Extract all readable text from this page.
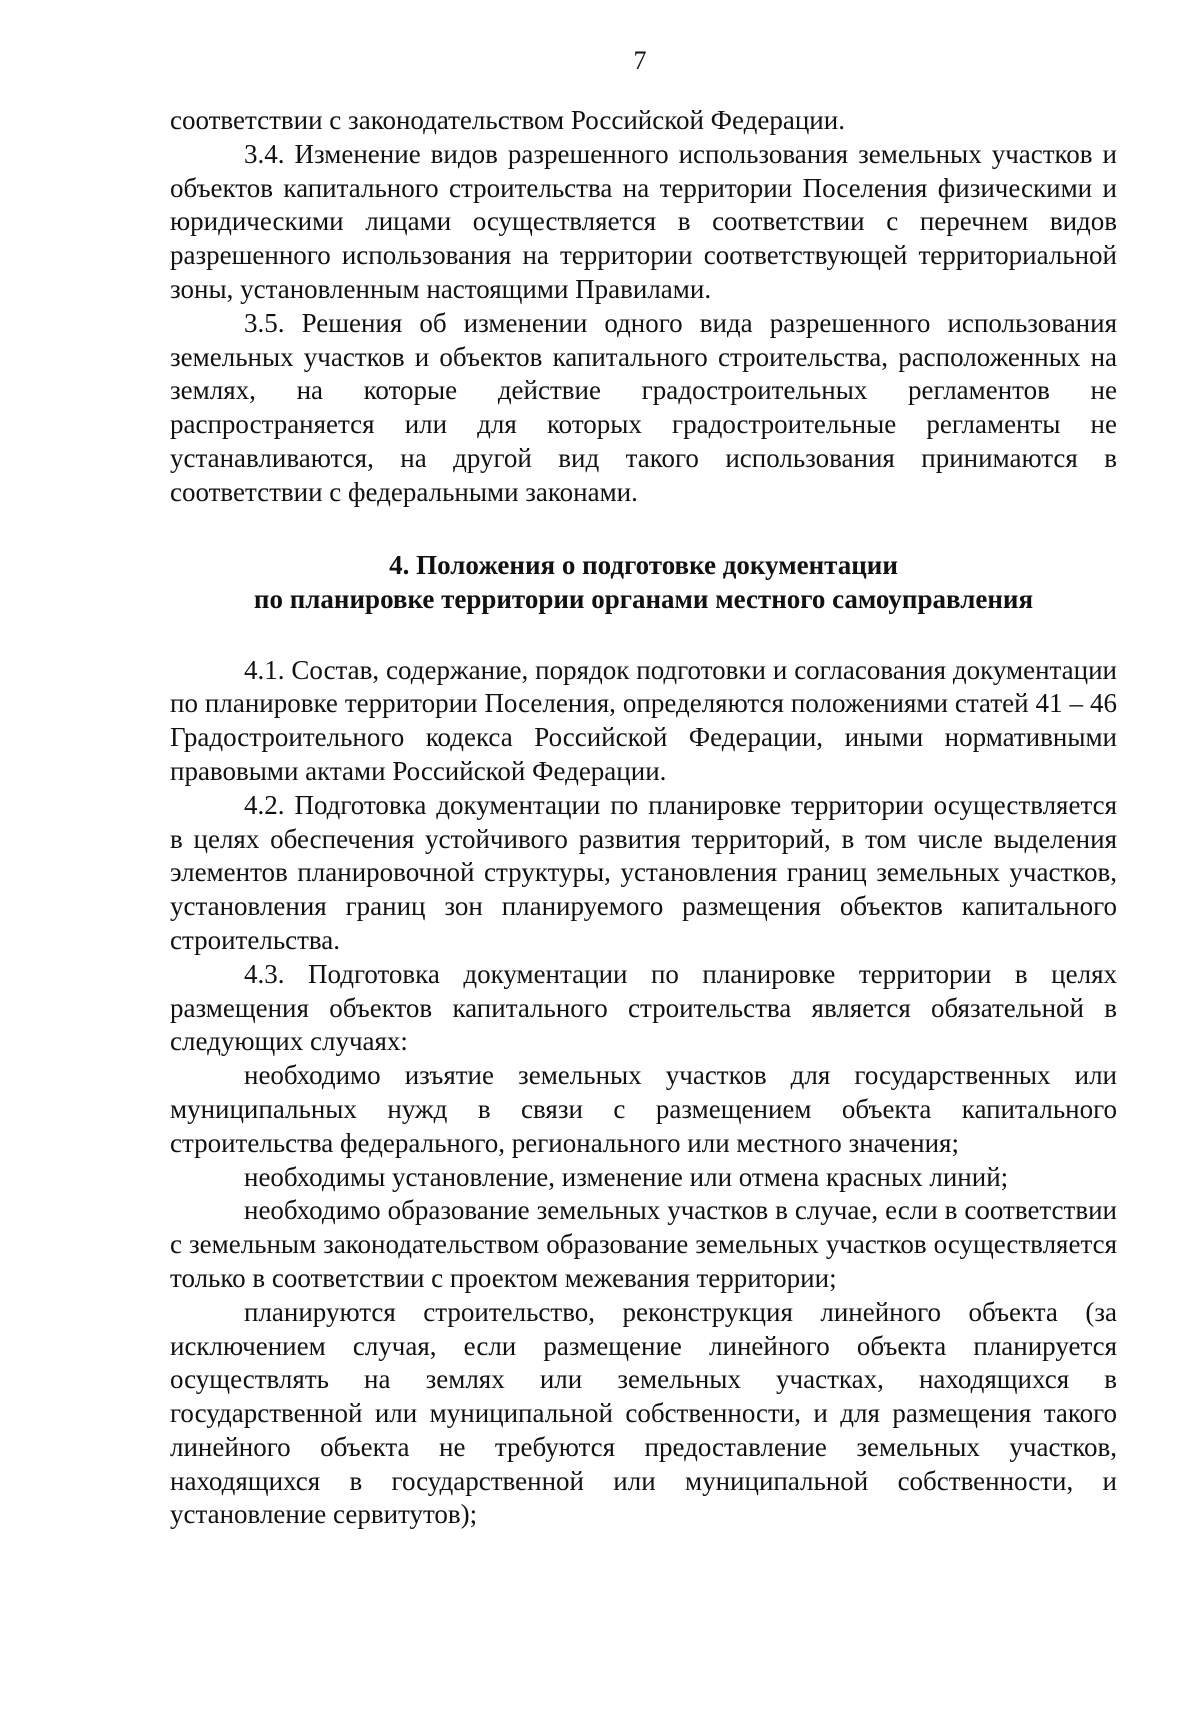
7

соответствии с законодательством Российской Федерации.

3.4. Изменение видов разрешенного использования земельных участков и объектов капитального строительства на территории Поселения физическими и юридическими лицами осуществляется в соответствии с перечнем видов разрешенного использования на территории соответствующей территориальной зоны, установленным настоящими Правилами.

3.5. Решения об изменении одного вида разрешенного использования земельных участков и объектов капитального строительства, расположенных на землях, на которые действие градостроительных регламентов не распространяется или для которых градостроительные регламенты не устанавливаются, на другой вид такого использования принимаются в соответствии с федеральными законами.

4. Положения о подготовке документации
по планировке территории органами местного самоуправления

4.1. Состав, содержание, порядок подготовки и согласования документации по планировке территории Поселения, определяются положениями статей 41 – 46 Градостроительного кодекса Российской Федерации, иными нормативными правовыми актами Российской Федерации.

4.2. Подготовка документации по планировке территории осуществляется в целях обеспечения устойчивого развития территорий, в том числе выделения элементов планировочной структуры, установления границ земельных участков, установления границ зон планируемого размещения объектов капитального строительства.

4.3. Подготовка документации по планировке территории в целях размещения объектов капитального строительства является обязательной в следующих случаях:

необходимо изъятие земельных участков для государственных или муниципальных нужд в связи с размещением объекта капитального строительства федерального, регионального или местного значения;

необходимы установление, изменение или отмена красных линий;

необходимо образование земельных участков в случае, если в соответствии с земельным законодательством образование земельных участков осуществляется только в соответствии с проектом межевания территории;

планируются строительство, реконструкция линейного объекта (за исключением случая, если размещение линейного объекта планируется осуществлять на землях или земельных участках, находящихся в государственной или муниципальной собственности, и для размещения такого линейного объекта не требуются предоставление земельных участков, находящихся в государственной или муниципальной собственности, и установление сервитутов);
